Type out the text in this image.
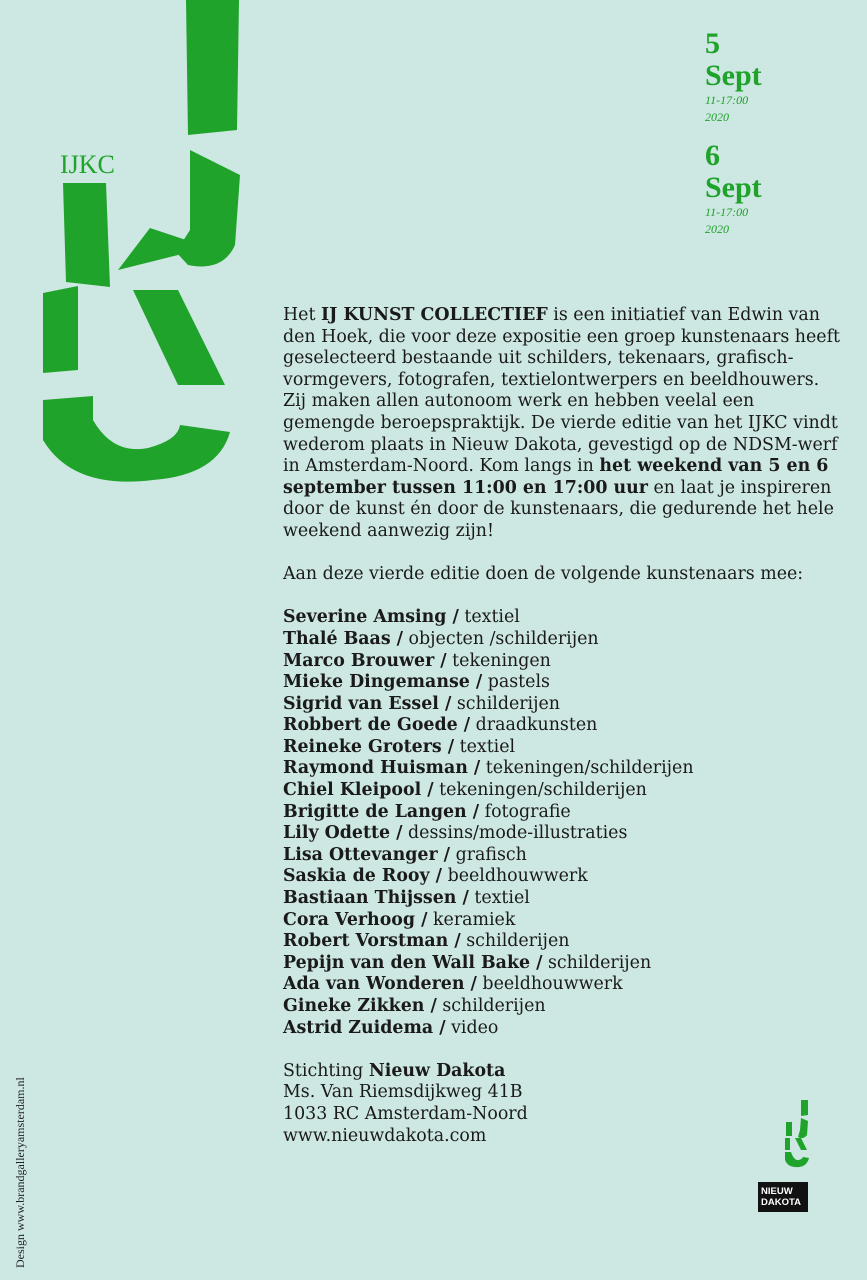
IJKC
5
Sept
11-17:00
2020
6
Sept
11-17:00
2020

Het IJ KUNST COLLECTIEF is een initiatief van Edwin van den Hoek, die voor deze expositie een groep kunstenaars heeft geselecteerd bestaande uit schilders, tekenaars, grafisch-vormgevers, fotografen, textielontwerpers en beeldhouwers. Zij maken allen autonoom werk en hebben veelal een gemengde beroepspraktijk. De vierde editie van het IJKC vindt wederom plaats in Nieuw Dakota, gevestigd op de NDSM-werf in Amsterdam-Noord. Kom langs in het weekend van 5 en 6 september tussen 11:00 en 17:00 uur en laat je inspireren door de kunst én door de kunstenaars, die gedurende het hele weekend aanwezig zijn!

Aan deze vierde editie doen de volgende kunstenaars mee:

Severine Amsing / textiel
Thalé Baas / objecten /schilderijen
Marco Brouwer / tekeningen
Mieke Dingemanse / pastels
Sigrid van Essel / schilderijen
Robbert de Goede / draadkunsten
Reineke Groters / textiel
Raymond Huisman / tekeningen/schilderijen
Chiel Kleipool / tekeningen/schilderijen
Brigitte de Langen / fotografie
Lily Odette / dessins/mode-illustraties
Lisa Ottevanger / grafisch
Saskia de Rooy / beeldhouwwerk
Bastiaan Thijssen / textiel
Cora Verhoog / keramiek
Robert Vorstman / schilderijen
Pepijn van den Wall Bake / schilderijen
Ada van Wonderen / beeldhouwwerk
Gineke Zikken / schilderijen
Astrid Zuidema / video
Stichting Nieuw Dakota
Ms. Van Riemsdijkweg 41B
1033 RC Amsterdam-Noord
www.nieuwdakota.com
Design www.brandgalleryamsterdam.nl	NIEUW
DAKOTA
